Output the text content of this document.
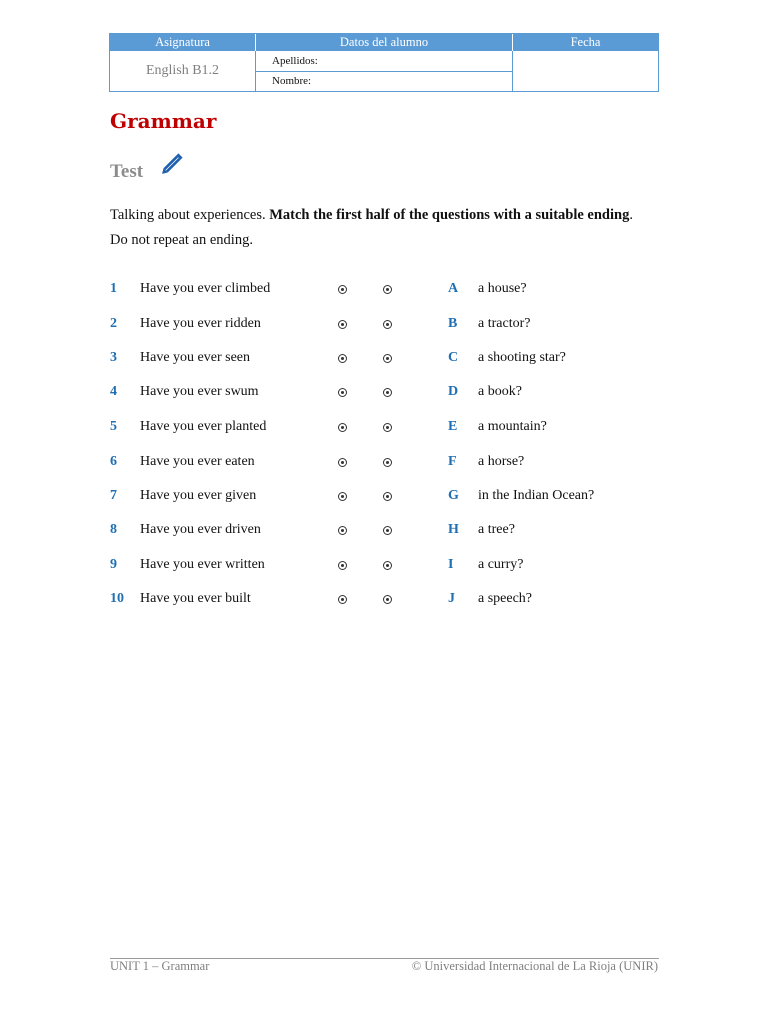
Asignatura	Datos del alumno	Fecha
English B1.2
Apellidos:
Nombre:
Grammar
Test
Talking about experiences. Match the first half of the questions with a suitable ending. Do not repeat an ending.
1 Have you ever climbed	A a house?
2 Have you ever ridden	B a tractor?
3 Have you ever seen	C a shooting star?
4 Have you ever swum	D a book?
5 Have you ever planted	E a mountain?
6 Have you ever eaten	F a horse?
7 Have you ever given	G in the Indian Ocean?
8 Have you ever driven	H a tree?
9 Have you ever written	I a curry?
10 Have you ever built	J a speech?
UNIT 1 – Grammar	© Universidad Internacional de La Rioja (UNIR)
